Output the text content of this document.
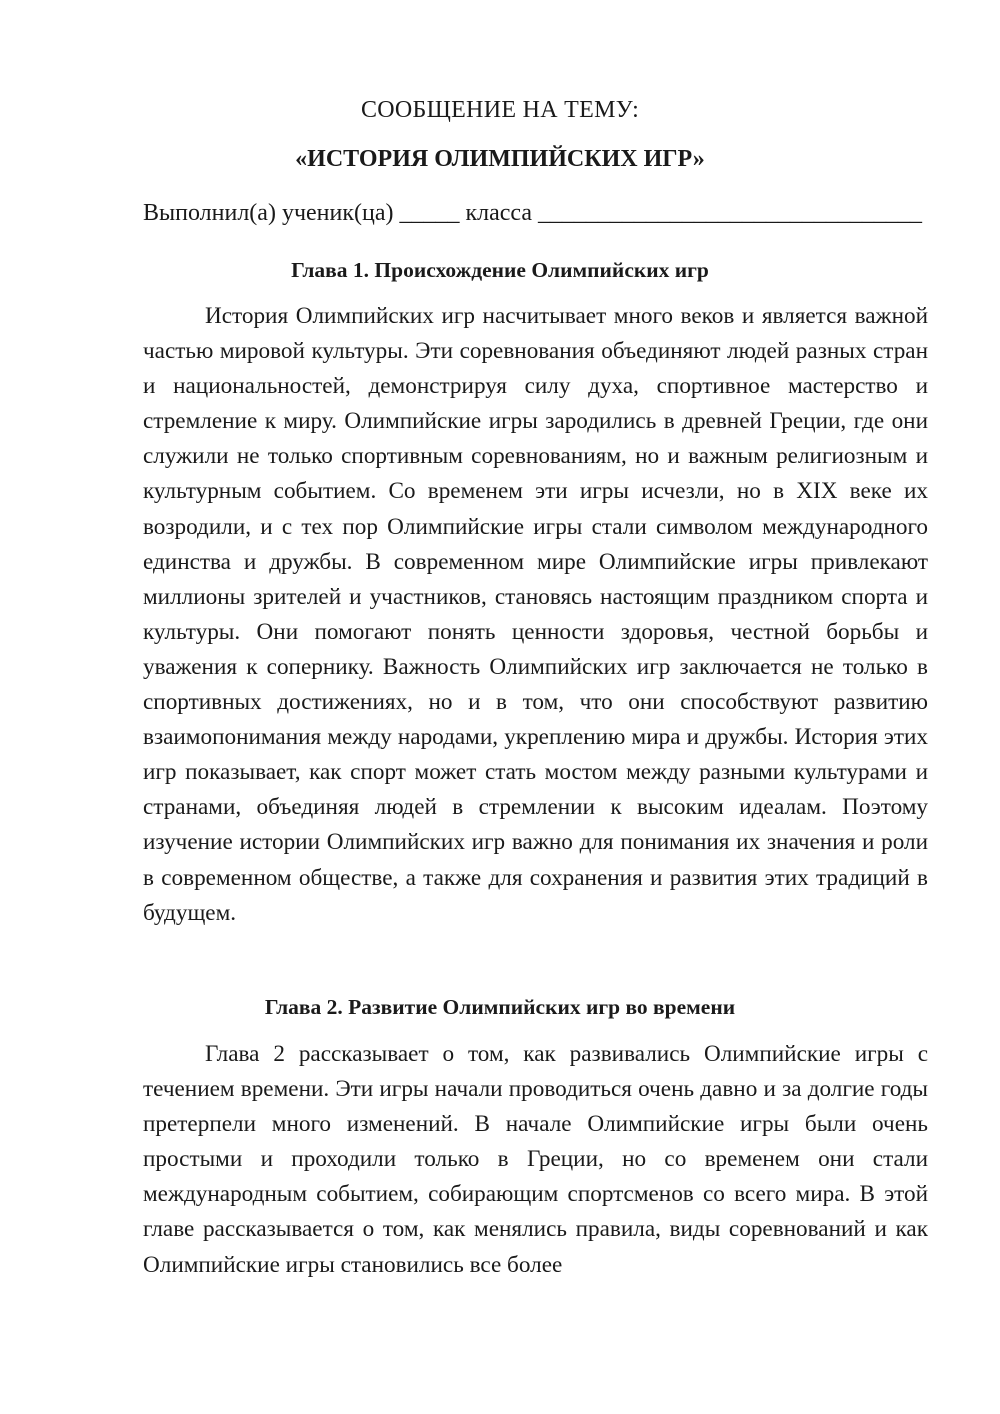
СООБЩЕНИЕ НА ТЕМУ:
«ИСТОРИЯ ОЛИМПИЙСКИХ ИГР»
Выполнил(а) ученик(ца) _____ класса ________________________________
Глава 1. Происхождение Олимпийских игр

История Олимпийских игр насчитывает много веков и является важной частью мировой культуры. Эти соревнования объединяют людей разных стран и национальностей, демонстрируя силу духа, спортивное мастерство и стремление к миру. Олимпийские игры зародились в древней Греции, где они служили не только спортивным соревнованиям, но и важным религиозным и культурным событием. Со временем эти игры исчезли, но в XIX веке их возродили, и с тех пор Олимпийские игры стали символом международного единства и дружбы. В современном мире Олимпийские игры привлекают миллионы зрителей и участников, становясь настоящим праздником спорта и культуры. Они помогают понять ценности здоровья, честной борьбы и уважения к сопернику. Важность Олимпийских игр заключается не только в спортивных достижениях, но и в том, что они способствуют развитию взаимопонимания между народами, укреплению мира и дружбы. История этих игр показывает, как спорт может стать мостом между разными культурами и странами, объединяя людей в стремлении к высоким идеалам. Поэтому изучение истории Олимпийских игр важно для понимания их значения и роли в современном обществе, а также для сохранения и развития этих традиций в будущем.

Глава 2. Развитие Олимпийских игр во времени

Глава 2 рассказывает о том, как развивались Олимпийские игры с течением времени. Эти игры начали проводиться очень давно и за долгие годы претерпели много изменений. В начале Олимпийские игры были очень простыми и проходили только в Греции, но со временем они стали международным событием, собирающим спортсменов со всего мира. В этой главе рассказывается о том, как менялись правила, виды соревнований и как Олимпийские игры становились все более
